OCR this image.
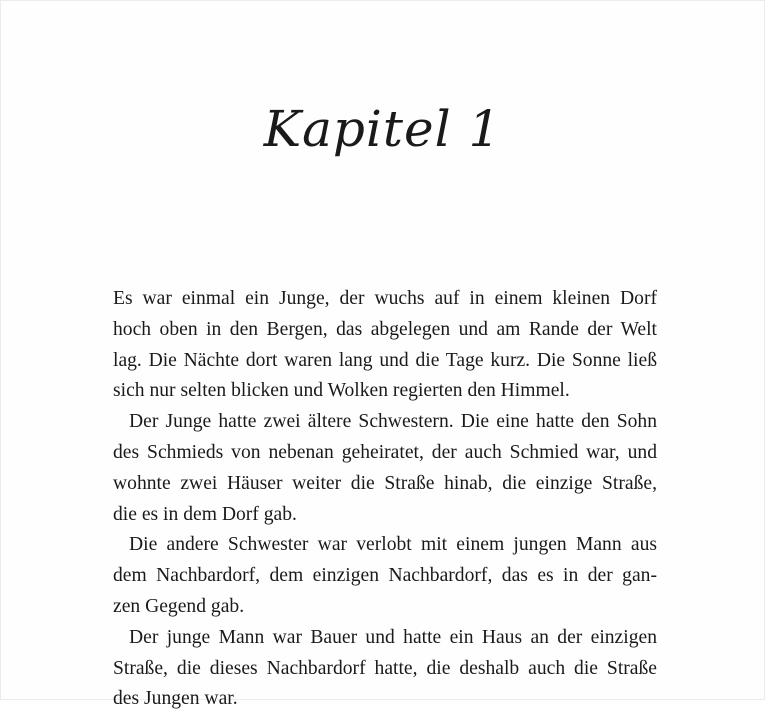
Kapitel 1
Es war einmal ein Junge, der wuchs auf in einem kleinen Dorf
hoch oben in den Bergen, das abgelegen und am Rande der Welt
lag. Die Nächte dort waren lang und die Tage kurz. Die Sonne ließ
sich nur selten blicken und Wolken regierten den Himmel.
Der Junge hatte zwei ältere Schwestern. Die eine hatte den Sohn
des Schmieds von nebenan geheiratet, der auch Schmied war, und
wohnte zwei Häuser weiter die Straße hinab, die einzige Straße,
die es in dem Dorf gab.
Die andere Schwester war verlobt mit einem jungen Mann aus
dem Nachbardorf, dem einzigen Nachbardorf, das es in der gan-
zen Gegend gab.
Der junge Mann war Bauer und hatte ein Haus an der einzigen
Straße, die dieses Nachbardorf hatte, die deshalb auch die Straße
des Jungen war.
